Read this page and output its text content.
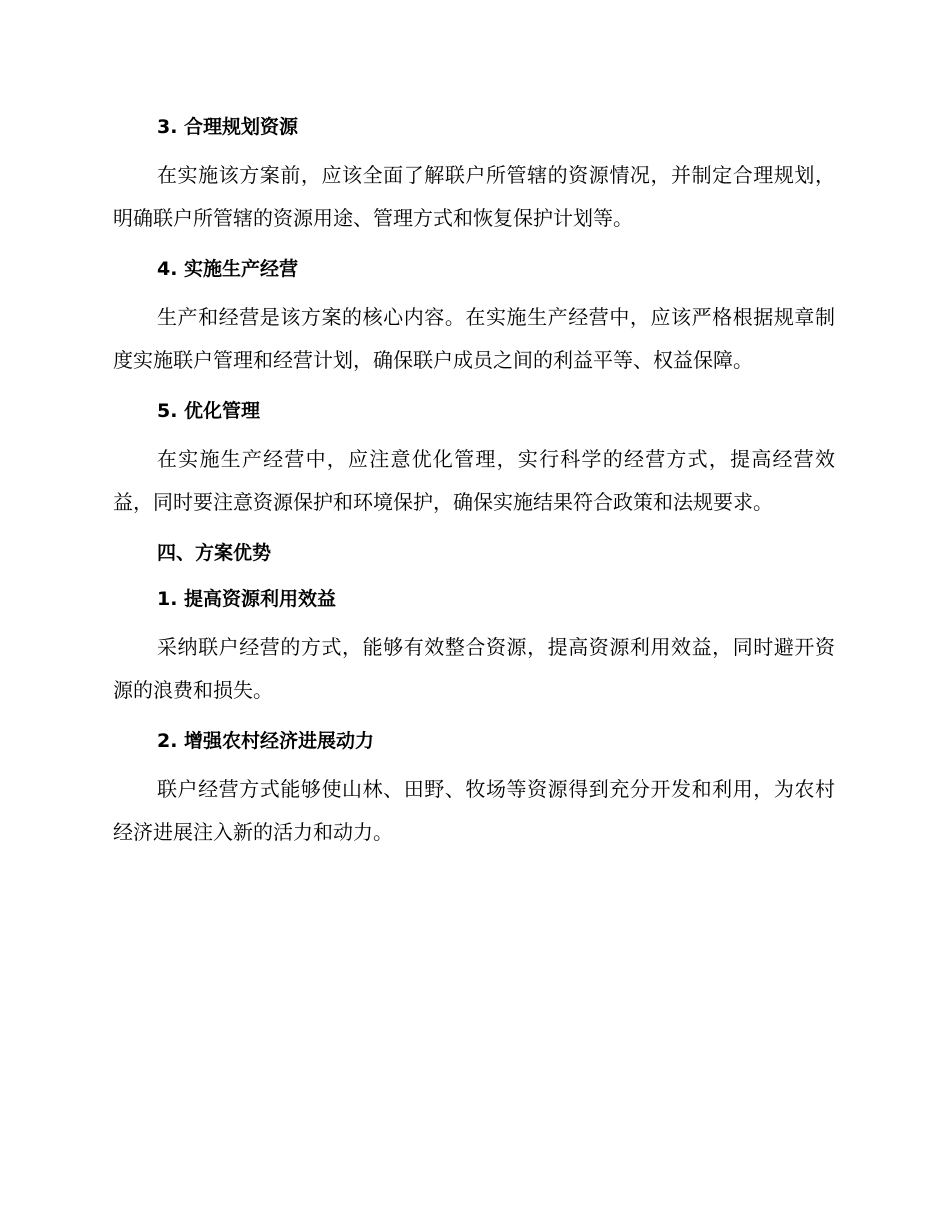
3. 合理规划资源

在实施该方案前，应该全面了解联户所管辖的资源情况，并制定合理规划，明确联户所管辖的资源用途、管理方式和恢复保护计划等。

4. 实施生产经营

生产和经营是该方案的核心内容。在实施生产经营中，应该严格根据规章制度实施联户管理和经营计划，确保联户成员之间的利益平等、权益保障。

5. 优化管理

在实施生产经营中，应注意优化管理，实行科学的经营方式，提高经营效益，同时要注意资源保护和环境保护，确保实施结果符合政策和法规要求。

四、方案优势
1. 提高资源利用效益

采纳联户经营的方式，能够有效整合资源，提高资源利用效益，同时避开资源的浪费和损失。

2. 增强农村经济进展动力

联户经营方式能够使山林、田野、牧场等资源得到充分开发和利用，为农村经济进展注入新的活力和动力。
